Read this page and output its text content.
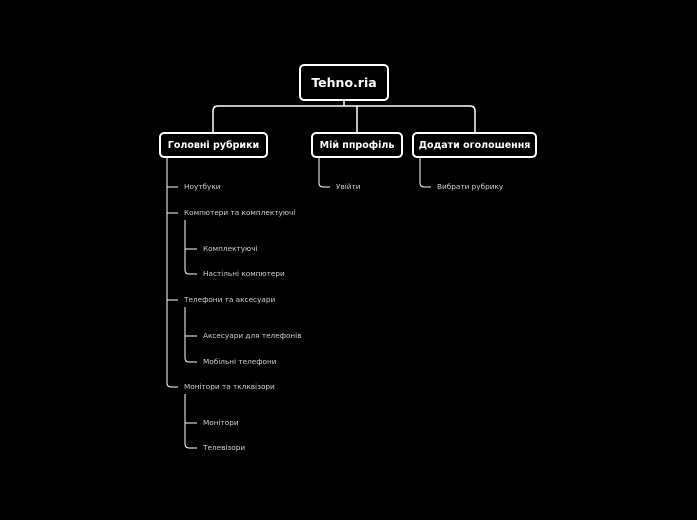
Tehno.ria
Головні рубрики	Мій ппрофіль	Додати оголошення
Ноутбуки
Компютери та комплектуючі
Комплектуючі
Настільні компютери
Телефони та аксесуари
Аксесуари для телефонів
Мобільні телефони
Монітори та тклквізори
Монітори
Телевізори
Увійти	Вибрати рубрику
